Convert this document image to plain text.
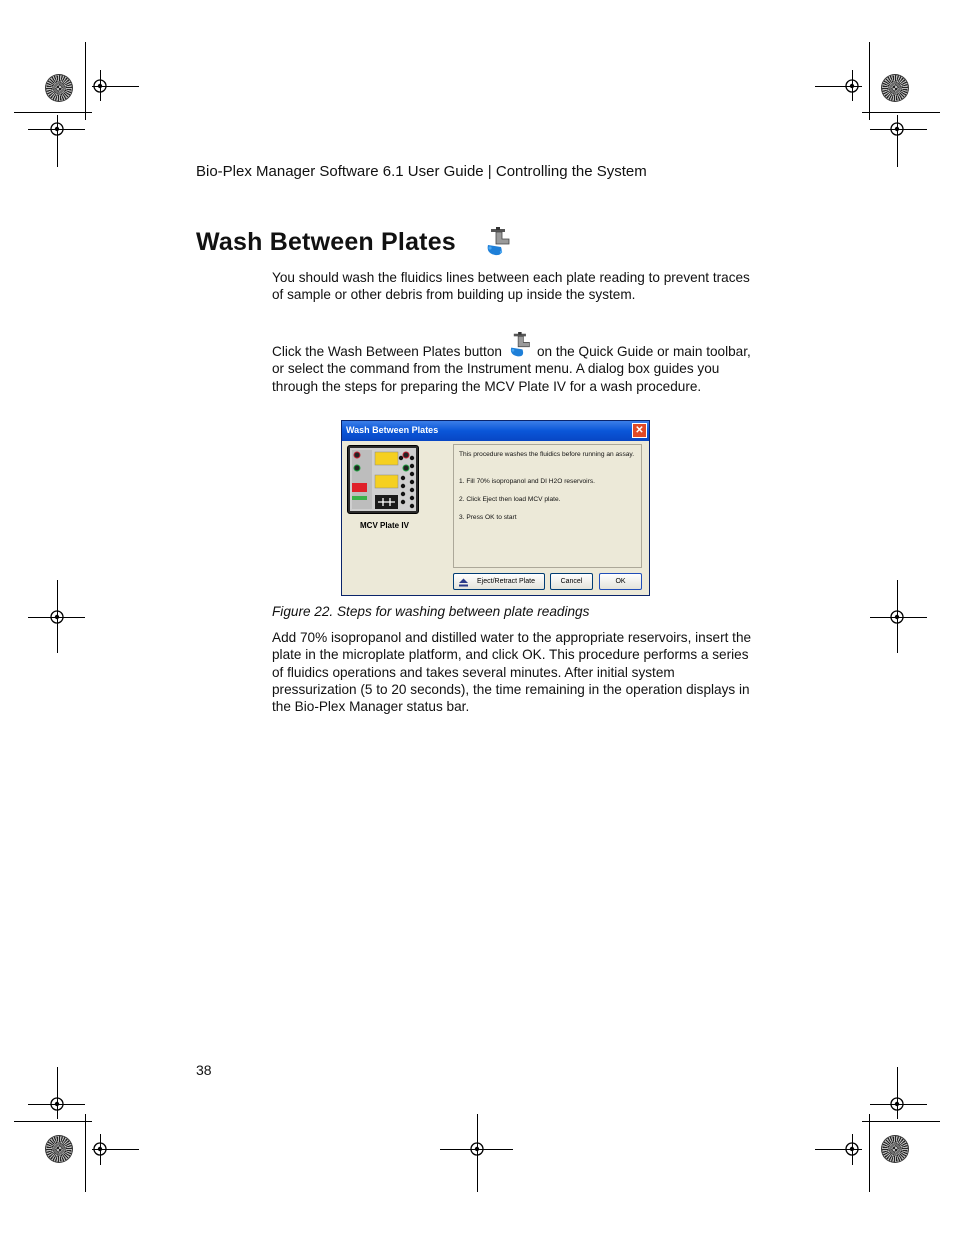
Bio-Plex Manager Software 6.1 User Guide | Controlling the System
Wash Between Plates

You should wash the fluidics lines between each plate reading to prevent traces of sample or other debris from building up inside the system.

Click the Wash Between Plates button	on the Quick Guide or main toolbar, or select the command from the Instrument menu. A dialog box guides you through the steps for preparing the MCV Plate IV for a wash procedure.

Wash Between Plates	✕
MCV Plate IV
This procedure washes the fluidics before running an assay.
1. Fill 70% isopropanol and DI H2O reservoirs.
2. Click Eject then load MCV plate.
3. Press OK to start
Eject/Retract Plate	Cancel	OK
Figure 22. Steps for washing between plate readings

Add 70% isopropanol and distilled water to the appropriate reservoirs, insert the plate in the microplate platform, and click OK. This procedure performs a series of fluidics operations and takes several minutes. After initial system pressurization (5 to 20 seconds), the time remaining in the operation displays in the Bio-Plex Manager status bar.

38
